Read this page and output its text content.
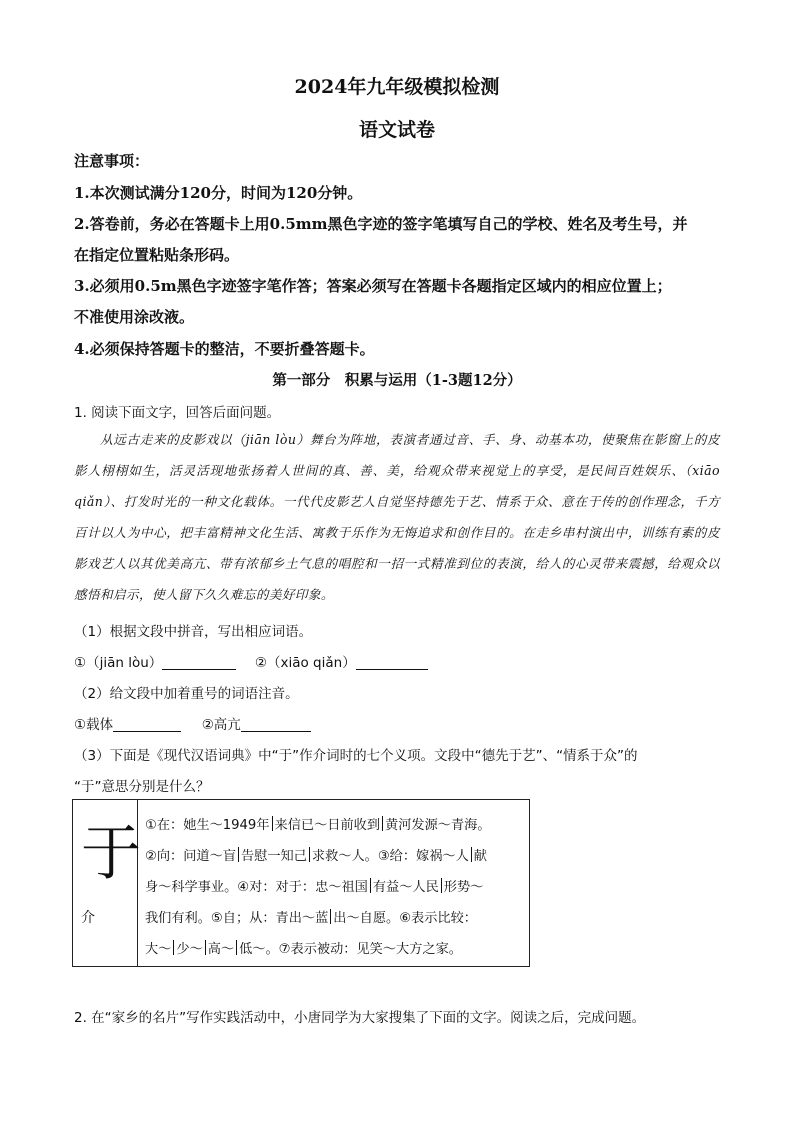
2024年九年级模拟检测
语文试卷
注意事项：
1.本次测试满分120分，时间为120分钟。
2.答卷前，务必在答题卡上用0.5mm黑色字迹的签字笔填写自己的学校、姓名及考生号，并
在指定位置粘贴条形码。
3.必须用0.5m黑色字迹签字笔作答；答案必须写在答题卡各题指定区域内的相应位置上；
不准使用涂改液。
4.必须保持答题卡的整洁，不要折叠答题卡。
第一部分　积累与运用（1-3题12分）
1. 阅读下面文字，回答后面问题。
从远古走来的皮影戏以（jiān lòu）舞台为阵地，表演者通过音、手、身、动基本功，使聚焦在影窗上的皮影人栩栩如生，活灵活现地张扬着人世间的真、善、美，给观众带来视觉上的享受，是民间百姓娱乐、（xiāo qiǎn）、打发时光的一种文化载体。一代代皮影艺人自觉坚持德先于艺、情系于众、意在于传的创作理念，千方百计以人为中心，把丰富精神文化生活、寓教于乐作为无悔追求和创作目的。在走乡串村演出中，训练有素的皮影戏艺人以其优美高亢、带有浓郁乡土气息的唱腔和一招一式精准到位的表演，给人的心灵带来震撼，给观众以感悟和启示，使人留下久久难忘的美好印象。
（1）根据文段中拼音，写出相应词语。
①（jiān lòu）	②（xiāo qiǎn）
（2）给文段中加着重号的词语注音。
①载体	②高亢
（3）下面是《现代汉语词典》中“于”作介词时的七个义项。文段中“德先于艺”、“情系于众”的
“于”意思分别是什么？
于
介
①在：她生～1949年 来信已～日前收到 黄河发源～青海。
②向：问道～盲 告慰一知己 求救～人。③给：嫁祸～人 献
身～科学事业。④对：对于：忠～祖国 有益～人民 形势～
我们有利。⑤自；从：青出～蓝 出～自愿。⑥表示比较：
大～ 少～ 高～ 低～。⑦表示被动：见笑～大方之家。
2. 在“家乡的名片”写作实践活动中，小唐同学为大家搜集了下面的文字。阅读之后，完成问题。
